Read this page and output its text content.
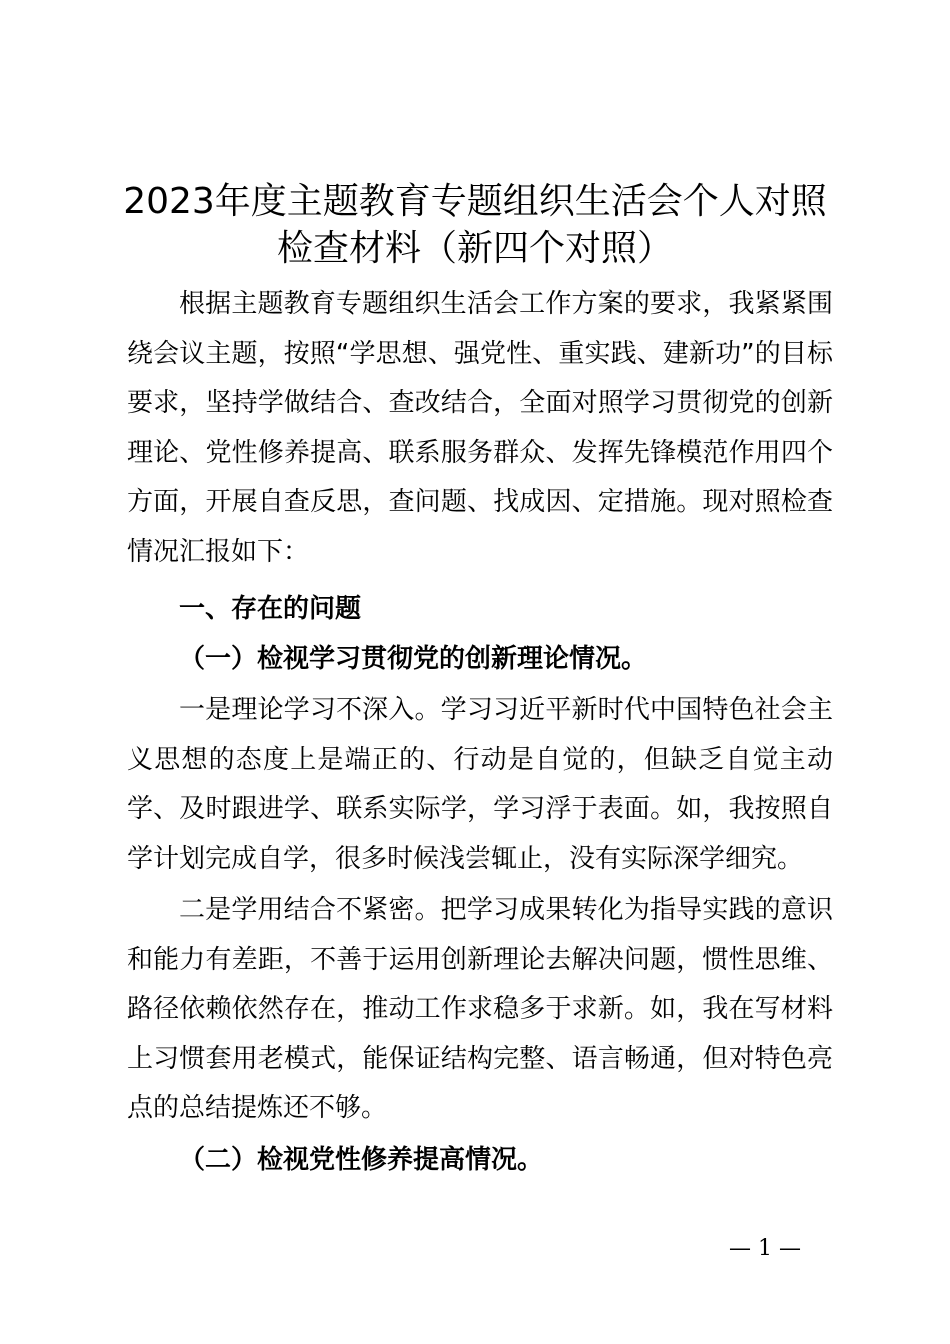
2023年度主题教育专题组织生活会个人对照
检查材料（新四个对照）

根据主题教育专题组织生活会工作方案的要求，我紧紧围绕会议主题，按照“学思想、强党性、重实践、建新功”的目标要求，坚持学做结合、查改结合，全面对照学习贯彻党的创新理论、党性修养提高、联系服务群众、发挥先锋模范作用四个方面，开展自查反思，查问题、找成因、定措施。现对照检查情况汇报如下：

一、存在的问题

（一）检视学习贯彻党的创新理论情况。

一是理论学习不深入。学习习近平新时代中国特色社会主义思想的态度上是端正的、行动是自觉的，但缺乏自觉主动学、及时跟进学、联系实际学，学习浮于表面。如，我按照自学计划完成自学，很多时候浅尝辄止，没有实际深学细究。

二是学用结合不紧密。把学习成果转化为指导实践的意识和能力有差距，不善于运用创新理论去解决问题，惯性思维、路径依赖依然存在，推动工作求稳多于求新。如，我在写材料上习惯套用老模式，能保证结构完整、语言畅通，但对特色亮点的总结提炼还不够。

（二）检视党性修养提高情况。

— 1 —
